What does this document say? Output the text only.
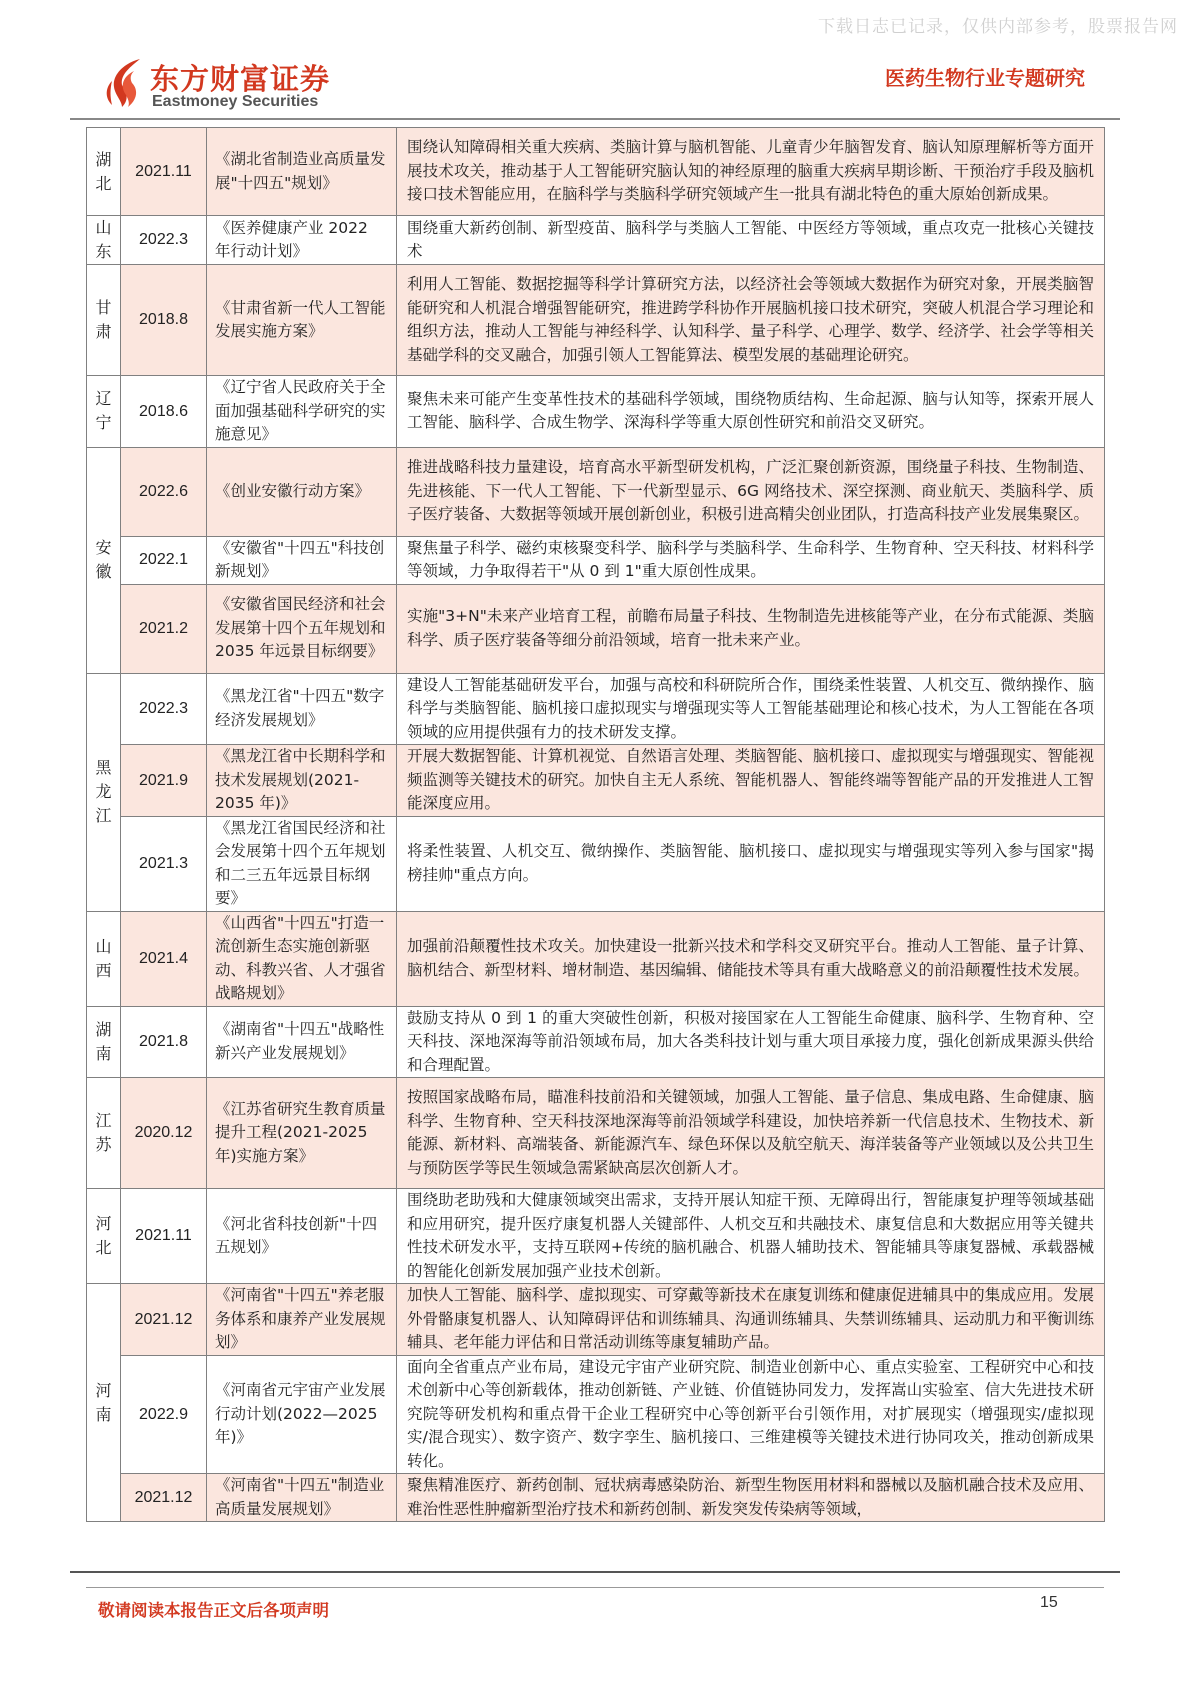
下载日志已记录，仅供内部参考，股票报告网
东方财富证券
Eastmoney Securities
医药生物行业专题研究
湖
北	2021.11	《湖北省制造业高质量发展"十四五"规划》	围绕认知障碍相关重大疾病、类脑计算与脑机智能、儿童青少年脑智发育、脑认知原理解析等方面开展技术攻关，推动基于人工智能研究脑认知的神经原理的脑重大疾病早期诊断、干预治疗手段及脑机接口技术智能应用，在脑科学与类脑科学研究领域产生一批具有湖北特色的重大原始创新成果。
山
东	2022.3	《医养健康产业 2022 年行动计划》	围绕重大新药创制、新型疫苗、脑科学与类脑人工智能、中医经方等领域，重点攻克一批核心关键技术
甘
肃	2018.8	《甘肃省新一代人工智能发展实施方案》	利用人工智能、数据挖掘等科学计算研究方法，以经济社会等领域大数据作为研究对象，开展类脑智能研究和人机混合增强智能研究，推进跨学科协作开展脑机接口技术研究，突破人机混合学习理论和组织方法，推动人工智能与神经科学、认知科学、量子科学、心理学、数学、经济学、社会学等相关基础学科的交叉融合，加强引领人工智能算法、模型发展的基础理论研究。
辽
宁	2018.6	《辽宁省人民政府关于全面加强基础科学研究的实施意见》	聚焦未来可能产生变革性技术的基础科学领域，围绕物质结构、生命起源、脑与认知等，探索开展人工智能、脑科学、合成生物学、深海科学等重大原创性研究和前沿交叉研究。
安
徽	2022.6	《创业安徽行动方案》	推进战略科技力量建设，培育高水平新型研发机构，广泛汇聚创新资源，围绕量子科技、生物制造、先进核能、下一代人工智能、下一代新型显示、6G 网络技术、深空探测、商业航天、类脑科学、质子医疗装备、大数据等领域开展创新创业，积极引进高精尖创业团队，打造高科技产业发展集聚区。
	2022.1	《安徽省"十四五"科技创新规划》	聚焦量子科学、磁约束核聚变科学、脑科学与类脑科学、生命科学、生物育种、空天科技、材料科学等领域，力争取得若干"从 0 到 1"重大原创性成果。
	2021.2	《安徽省国民经济和社会发展第十四个五年规划和 2035 年远景目标纲要》	实施"3+N"未来产业培育工程，前瞻布局量子科技、生物制造先进核能等产业，在分布式能源、类脑科学、质子医疗装备等细分前沿领域，培育一批未来产业。
黑
龙
江	2022.3	《黑龙江省"十四五"数字经济发展规划》	建设人工智能基础研发平台，加强与高校和科研院所合作，围绕柔性装置、人机交互、微纳操作、脑科学与类脑智能、脑机接口虚拟现实与增强现实等人工智能基础理论和核心技术，为人工智能在各项领域的应用提供强有力的技术研发支撑。
	2021.9	《黑龙江省中长期科学和技术发展规划(2021-2035 年)》	开展大数据智能、计算机视觉、自然语言处理、类脑智能、脑机接口、虚拟现实与增强现实、智能视频监测等关键技术的研究。加快自主无人系统、智能机器人、智能终端等智能产品的开发推进人工智能深度应用。
	2021.3	《黑龙江省国民经济和社会发展第十四个五年规划和二三五年远景目标纲要》	将柔性装置、人机交互、微纳操作、类脑智能、脑机接口、虚拟现实与增强现实等列入参与国家"揭榜挂帅"重点方向。
山
西	2021.4	《山西省"十四五"打造一流创新生态实施创新驱动、科教兴省、人才强省战略规划》	加强前沿颠覆性技术攻关。加快建设一批新兴技术和学科交叉研究平台。推动人工智能、量子计算、脑机结合、新型材料、增材制造、基因编辑、储能技术等具有重大战略意义的前沿颠覆性技术发展。
湖
南	2021.8	《湖南省"十四五"战略性新兴产业发展规划》	鼓励支持从 0 到 1 的重大突破性创新，积极对接国家在人工智能生命健康、脑科学、生物育种、空天科技、深地深海等前沿领域布局，加大各类科技计划与重大项目承接力度，强化创新成果源头供给和合理配置。
江
苏	2020.12	《江苏省研究生教育质量提升工程(2021-2025 年)实施方案》	按照国家战略布局，瞄准科技前沿和关键领域，加强人工智能、量子信息、集成电路、生命健康、脑科学、生物育种、空天科技深地深海等前沿领域学科建设，加快培养新一代信息技术、生物技术、新能源、新材料、高端装备、新能源汽车、绿色环保以及航空航天、海洋装备等产业领域以及公共卫生与预防医学等民生领域急需紧缺高层次创新人才。
河
北	2021.11	《河北省科技创新"十四五规划》	围绕助老助残和大健康领域突出需求，支持开展认知症干预、无障碍出行，智能康复护理等领域基础和应用研究，提升医疗康复机器人关键部件、人机交互和共融技术、康复信息和大数据应用等关键共性技术研发水平，支持互联网+传统的脑机融合、机器人辅助技术、智能辅具等康复器械、承载器械的智能化创新发展加强产业技术创新。
河
南	2021.12	《河南省"十四五"养老服务体系和康养产业发展规划》	加快人工智能、脑科学、虚拟现实、可穿戴等新技术在康复训练和健康促进辅具中的集成应用。发展外骨骼康复机器人、认知障碍评估和训练辅具、沟通训练辅具、失禁训练辅具、运动肌力和平衡训练辅具、老年能力评估和日常活动训练等康复辅助产品。
	2022.9	《河南省元宇宙产业发展行动计划(2022—2025 年)》	面向全省重点产业布局，建设元宇宙产业研究院、制造业创新中心、重点实验室、工程研究中心和技术创新中心等创新载体，推动创新链、产业链、价值链协同发力，发挥嵩山实验室、信大先进技术研究院等研发机构和重点骨干企业工程研究中心等创新平台引领作用，对扩展现实（增强现实/虚拟现实/混合现实）、数字资产、数字孪生、脑机接口、三维建模等关键技术进行协同攻关，推动创新成果转化。
	2021.12	《河南省"十四五"制造业高质量发展规划》	聚焦精准医疗、新药创制、冠状病毒感染防治、新型生物医用材料和器械以及脑机融合技术及应用、难治性恶性肿瘤新型治疗技术和新药创制、新发突发传染病等领域，
敬请阅读本报告正文后各项声明	15
